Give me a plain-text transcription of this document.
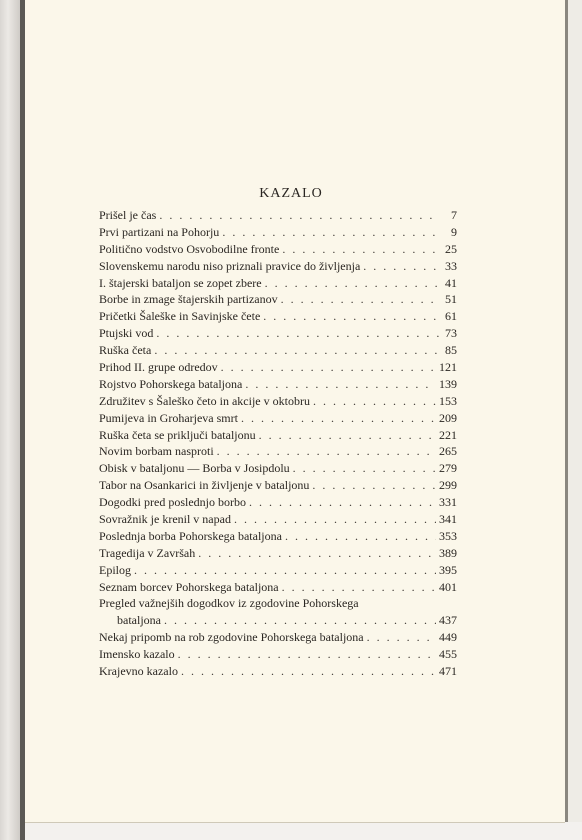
KAZALO
Prišel je čas . . .	7
Prvi partizani na Pohorju . . .	9
Politično vodstvo Osvobodilne fronte . . .	25
Slovenskemu narodu niso priznali pravice do življenja . . .	33
I. štajerski bataljon se zopet zbere . . .	41
Borbe in zmage štajerskih partizanov . . .	51
Pričetki Šaleške in Savinjske čete . . .	61
Ptujski vod . . .	73
Ruška četa . . .	85
Prihod II. grupe odredov . . .	121
Rojstvo Pohorskega bataljona . . .	139
Združitev s Šaleško četo in akcije v oktobru . . .	153
Pumijeva in Groharjeva smrt . . .	209
Ruška četa se priključi bataljonu . . .	221
Novim borbam nasproti . . .	265
Obisk v bataljonu — Borba v Josipdolu . . .	279
Tabor na Osankarici in življenje v bataljonu . . .	299
Dogodki pred poslednjo borbo . . .	331
Sovražnik je krenil v napad . . .	341
Poslednja borba Pohorskega bataljona . . .	353
Tragedija v Završah . . .	389
Epilog . . .	395
Seznam borcev Pohorskega bataljona . . .	401
Pregled važnejših dogodkov iz zgodovine Pohorskega
bataljona . . .	437
Nekaj pripomb na rob zgodovine Pohorskega bataljona . . .	449
Imensko kazalo . . .	455
Krajevno kazalo . . .	471
